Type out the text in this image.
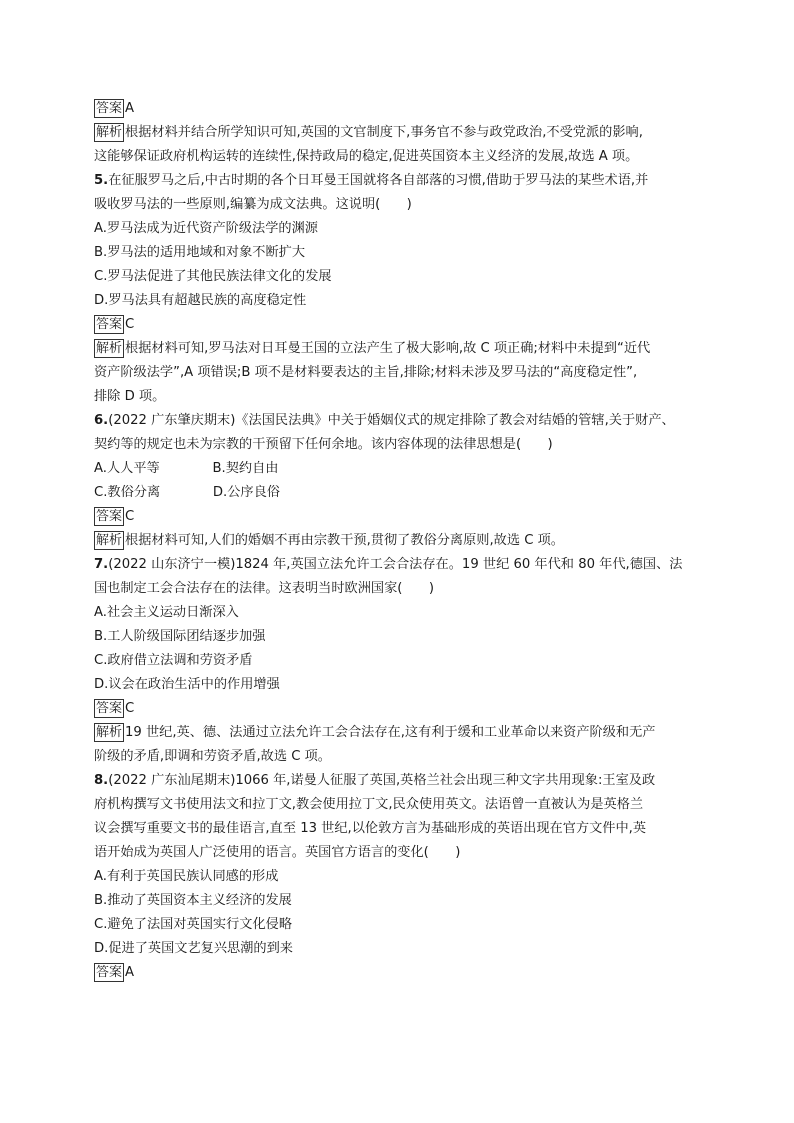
答案 A
解析 根据材料并结合所学知识可知,英国的文官制度下,事务官不参与政党政治,不受党派的影响,
这能够保证政府机构运转的连续性,保持政局的稳定,促进英国资本主义经济的发展,故选 A 项。
5.在征服罗马之后,中古时期的各个日耳曼王国就将各自部落的习惯,借助于罗马法的某些术语,并
吸收罗马法的一些原则,编纂为成文法典。这说明(　　)
A.罗马法成为近代资产阶级法学的渊源
B.罗马法的适用地域和对象不断扩大
C.罗马法促进了其他民族法律文化的发展
D.罗马法具有超越民族的高度稳定性
答案 C
解析 根据材料可知,罗马法对日耳曼王国的立法产生了极大影响,故 C 项正确;材料中未提到“近代
资产阶级法学”,A 项错误;B 项不是材料要表达的主旨,排除;材料未涉及罗马法的“高度稳定性”,
排除 D 项。
6.(2022 广东肇庆期末)《法国民法典》中关于婚姻仪式的规定排除了教会对结婚的管辖,关于财产、
契约等的规定也未为宗教的干预留下任何余地。该内容体现的法律思想是(　　)
A.人人平等　　　　B.契约自由
C.教俗分离　　　　D.公序良俗
答案 C
解析 根据材料可知,人们的婚姻不再由宗教干预,贯彻了教俗分离原则,故选 C 项。
7.(2022 山东济宁一模)1824 年,英国立法允许工会合法存在。19 世纪 60 年代和 80 年代,德国、法
国也制定工会合法存在的法律。这表明当时欧洲国家(　　)
A.社会主义运动日渐深入
B.工人阶级国际团结逐步加强
C.政府借立法调和劳资矛盾
D.议会在政治生活中的作用增强
答案 C
解析 19 世纪,英、德、法通过立法允许工会合法存在,这有利于缓和工业革命以来资产阶级和无产
阶级的矛盾,即调和劳资矛盾,故选 C 项。
8.(2022 广东汕尾期末)1066 年,诺曼人征服了英国,英格兰社会出现三种文字共用现象:王室及政
府机构撰写文书使用法文和拉丁文,教会使用拉丁文,民众使用英文。法语曾一直被认为是英格兰
议会撰写重要文书的最佳语言,直至 13 世纪,以伦敦方言为基础形成的英语出现在官方文件中,英
语开始成为英国人广泛使用的语言。英国官方语言的变化(　　)
A.有利于英国民族认同感的形成
B.推动了英国资本主义经济的发展
C.避免了法国对英国实行文化侵略
D.促进了英国文艺复兴思潮的到来
答案 A
